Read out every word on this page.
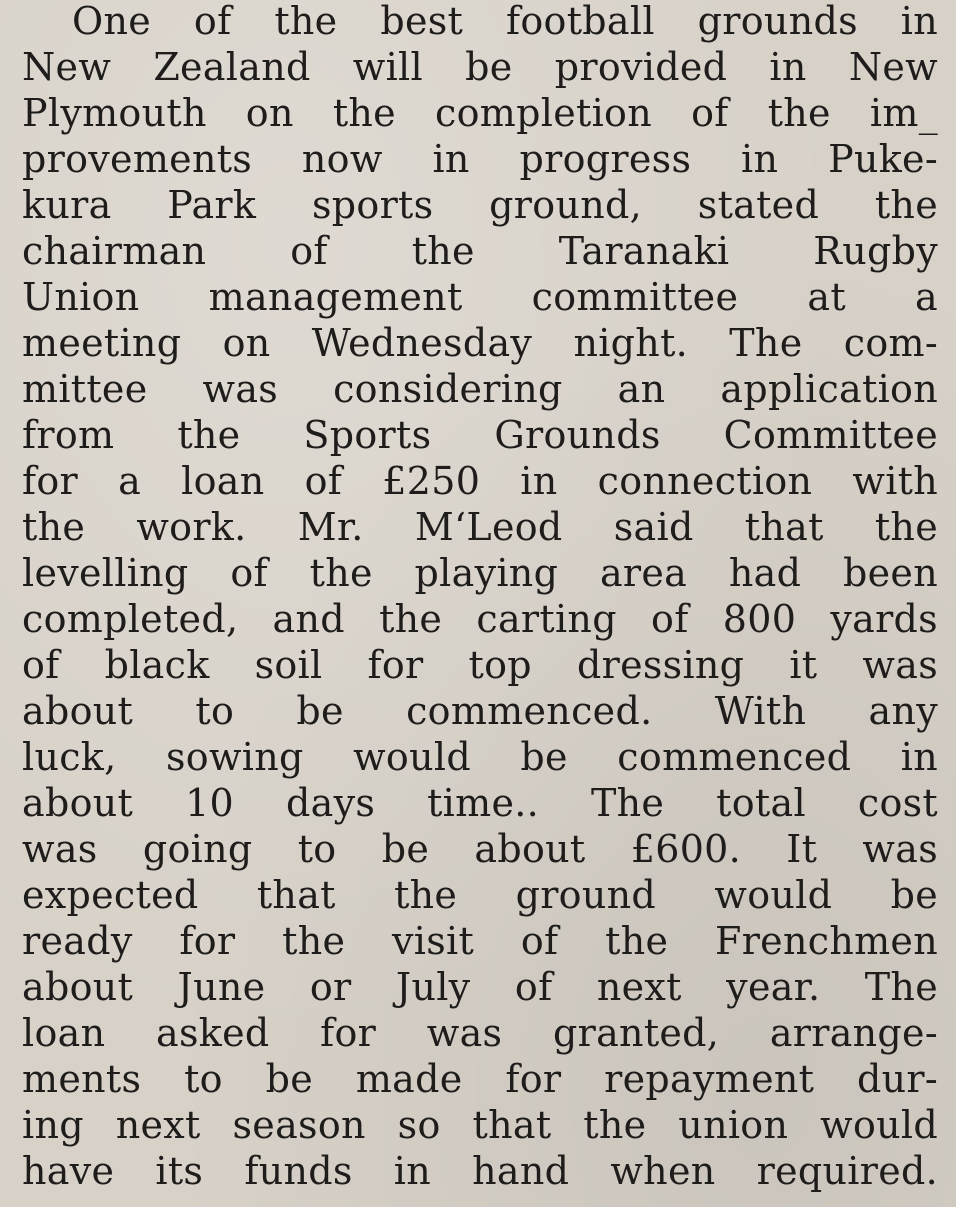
One of the best football grounds in
New Zealand will be provided in New
Plymouth on the completion of the im_
provements now in progress in Puke-
kura Park sports ground, stated the
chairman of the Taranaki Rugby
Union management committee at a
meeting on Wednesday night. The com-
mittee was considering an application
from the Sports Grounds Committee
for a loan of £250 in connection with
the work. Mr. M‘Leod said that the
levelling of the playing area had been
completed, and the carting of 800 yards
of black soil for top dressing it was
about to be commenced. With any
luck, sowing would be commenced in
about 10 days time.. The total cost
was going to be about £600. It was
expected that the ground would be
ready for the visit of the Frenchmen
about June or July of next year. The
loan asked for was granted, arrange-
ments to be made for repayment dur-
ing next season so that the union would
have its funds in hand when required.
